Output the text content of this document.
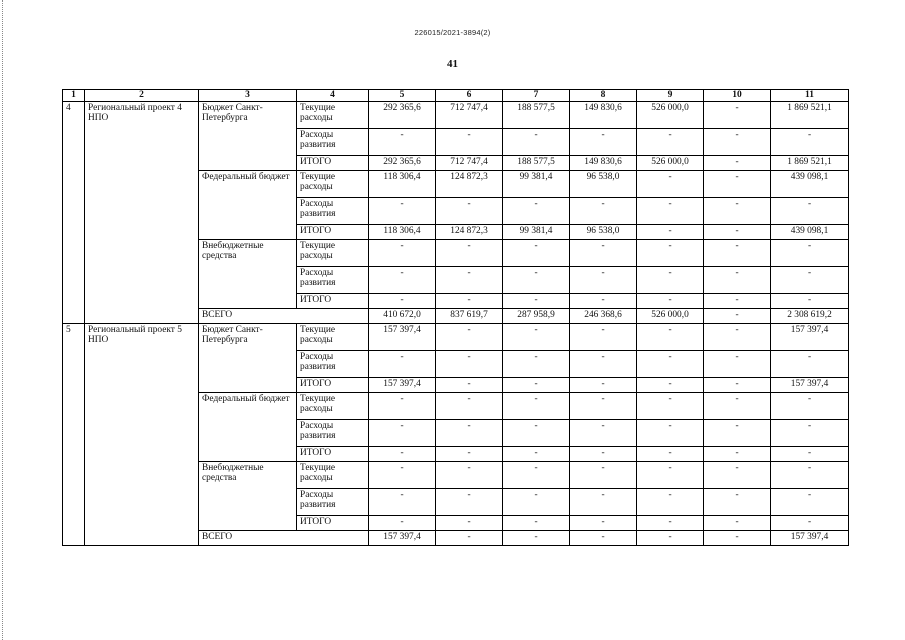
226015/2021-3894(2)
41
1	2	3	4	5	6	7	8	9	10	11
4	Региональный проект 4 НПО	Бюджет Санкт-Петербурга	Текущие расходы	292 365,6	712 747,4	188 577,5	149 830,6	526 000,0	-	1 869 521,1
			Расходы развития	-	-	-	-	-	-	-
			ИТОГО	292 365,6	712 747,4	188 577,5	149 830,6	526 000,0	-	1 869 521,1
		Федеральный бюджет	Текущие расходы	118 306,4	124 872,3	99 381,4	96 538,0	-	-	439 098,1
			Расходы развития	-	-	-	-	-	-	-
			ИТОГО	118 306,4	124 872,3	99 381,4	96 538,0	-	-	439 098,1
		Внебюджетные средства	Текущие расходы	-	-	-	-	-	-	-
			Расходы развития	-	-	-	-	-	-	-
			ИТОГО	-	-	-	-	-	-	-
		ВСЕГО		410 672,0	837 619,7	287 958,9	246 368,6	526 000,0	-	2 308 619,2
5	Региональный проект 5 НПО	Бюджет Санкт-Петербурга	Текущие расходы	157 397,4	-	-	-	-	-	157 397,4
			Расходы развития	-	-	-	-	-	-	-
			ИТОГО	157 397,4	-	-	-	-	-	157 397,4
		Федеральный бюджет	Текущие расходы	-	-	-	-	-	-	-
			Расходы развития	-	-	-	-	-	-	-
			ИТОГО	-	-	-	-	-	-	-
		Внебюджетные средства	Текущие расходы	-	-	-	-	-	-	-
			Расходы развития	-	-	-	-	-	-	-
			ИТОГО	-	-	-	-	-	-	-
		ВСЕГО		157 397,4	-	-	-	-	-	157 397,4
